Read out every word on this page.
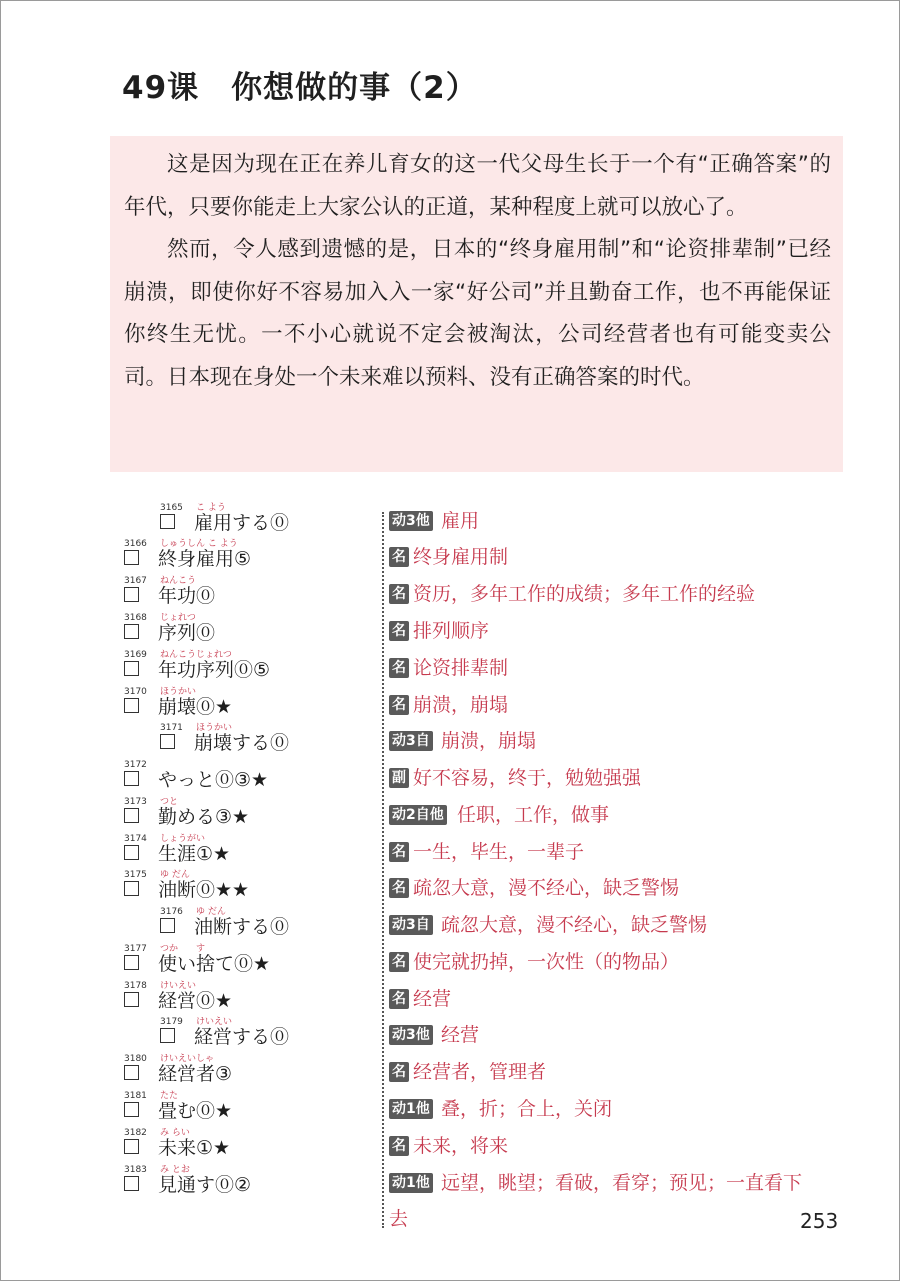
49课　你想做的事（2）

这是因为现在正在养儿育女的这一代父母生长于一个有“正确答案”的年代，只要你能走上大家公认的正道，某种程度上就可以放心了。

然而，令人感到遗憾的是，日本的“终身雇用制”和“论资排辈制”已经崩溃，即使你好不容易加入入一家“好公司”并且勤奋工作，也不再能保证你终生无忧。一不小心就说不定会被淘汰，公司经营者也有可能变卖公司。日本现在身处一个未来难以预料、没有正确答案的时代。

3165 こ よう
雇用する⓪	动3他 雇用
3166 しゅうしん こ よう
終身雇用⑤	名 终身雇用制
3167 ねんこう
年功⓪	名 资历，多年工作的成绩；多年工作的经验
3168 じょれつ
序列⓪	名 排列顺序
3169 ねんこうじょれつ
年功序列⓪⑤	名 论资排辈制
3170 ほうかい
崩壊⓪★	名 崩溃，崩塌
3171 ほうかい
崩壊する⓪	动3自 崩溃，崩塌
3172
やっと⓪③★	副 好不容易，终于，勉勉强强
3173 つと
勤める③★	动2自他 任职，工作，做事
3174 しょうがい
生涯①★	名 一生，毕生，一辈子
3175 ゆ だん
油断⓪★★	名 疏忽大意，漫不经心，缺乏警惕
3176 ゆ だん
油断する⓪	动3自 疏忽大意，漫不经心，缺乏警惕
3177 つか　　す
使い捨て⓪★	名 使完就扔掉，一次性（的物品）
3178 けいえい
経営⓪★	名 经营
3179 けいえい
経営する⓪	动3他 经营
3180 けいえいしゃ
経営者③	名 经营者，管理者
3181 たた
畳む⓪★	动1他 叠，折；合上，关闭
3182 み らい
未来①★	名 未来，将来
3183 み とお
見通す⓪②	动1他 远望，眺望；看破，看穿；预见；一直看下
去	253
